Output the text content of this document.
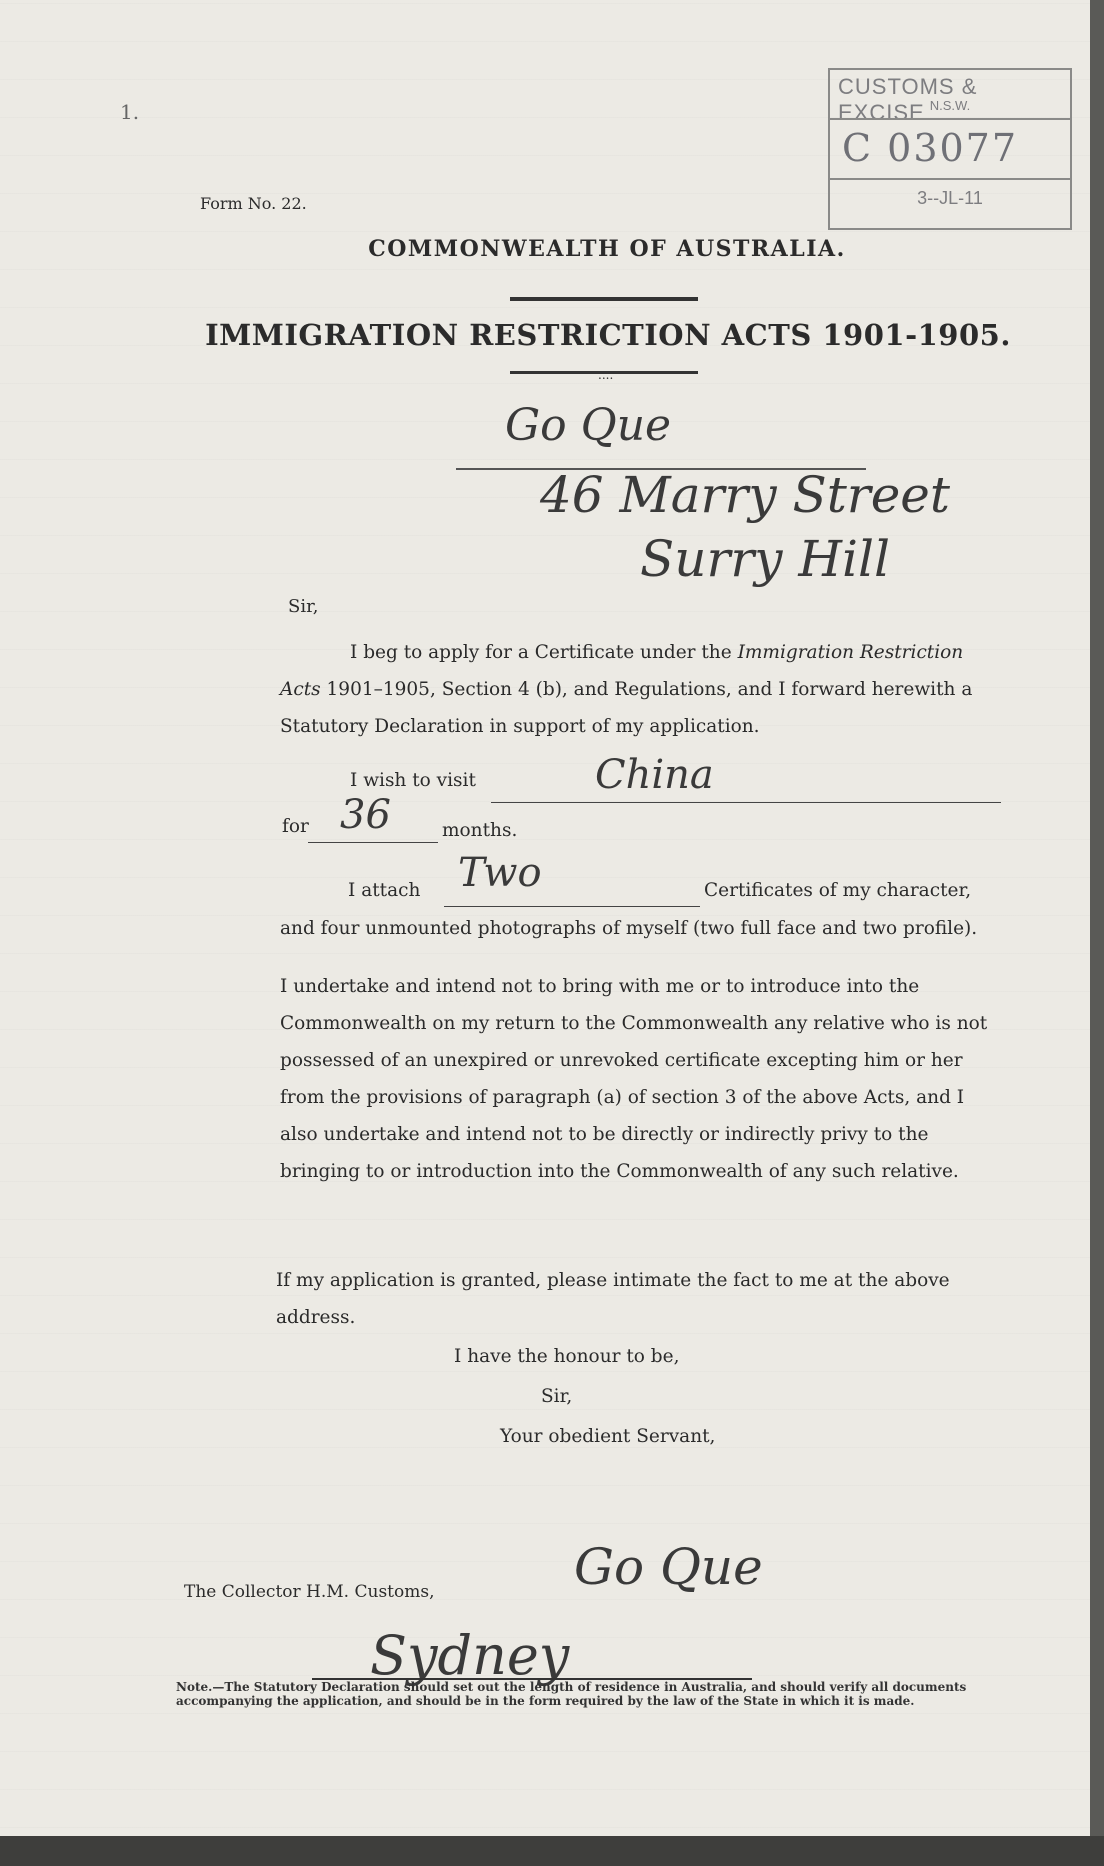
1.
CUSTOMS & EXCISE N.S.W.
C 03077
3--JL-11
Form No. 22.
COMMONWEALTH OF AUSTRALIA.
IMMIGRATION RESTRICTION ACTS 1901-1905.
....
Go Que
46 Marry Street
Surry Hill
Sir,
I beg to apply for a Certificate under the Immigration Restriction Acts 1901–1905, Section 4 (b), and Regulations, and I forward herewith a Statutory Declaration in support of my application.
I wish to visit	China
for 36	months.
I attach Two	Certificates of my character,
and four unmounted photographs of myself (two full face and two profile).
I undertake and intend not to bring with me or to introduce into the Commonwealth on my return to the Commonwealth any relative who is not possessed of an unexpired or unrevoked certificate excepting him or her from the provisions of paragraph (a) of section 3 of the above Acts, and I also undertake and intend not to be directly or indirectly privy to the bringing to or introduction into the Commonwealth of any such relative.
If my application is granted, please intimate the fact to me at the above address.
I have the honour to be,
Sir,
Your obedient Servant,
Go Que
The Collector H.M. Customs,
Sydney
Note.—The Statutory Declaration should set out the length of residence in Australia, and should verify all documents accompanying the application, and should be in the form required by the law of the State in which it is made.
